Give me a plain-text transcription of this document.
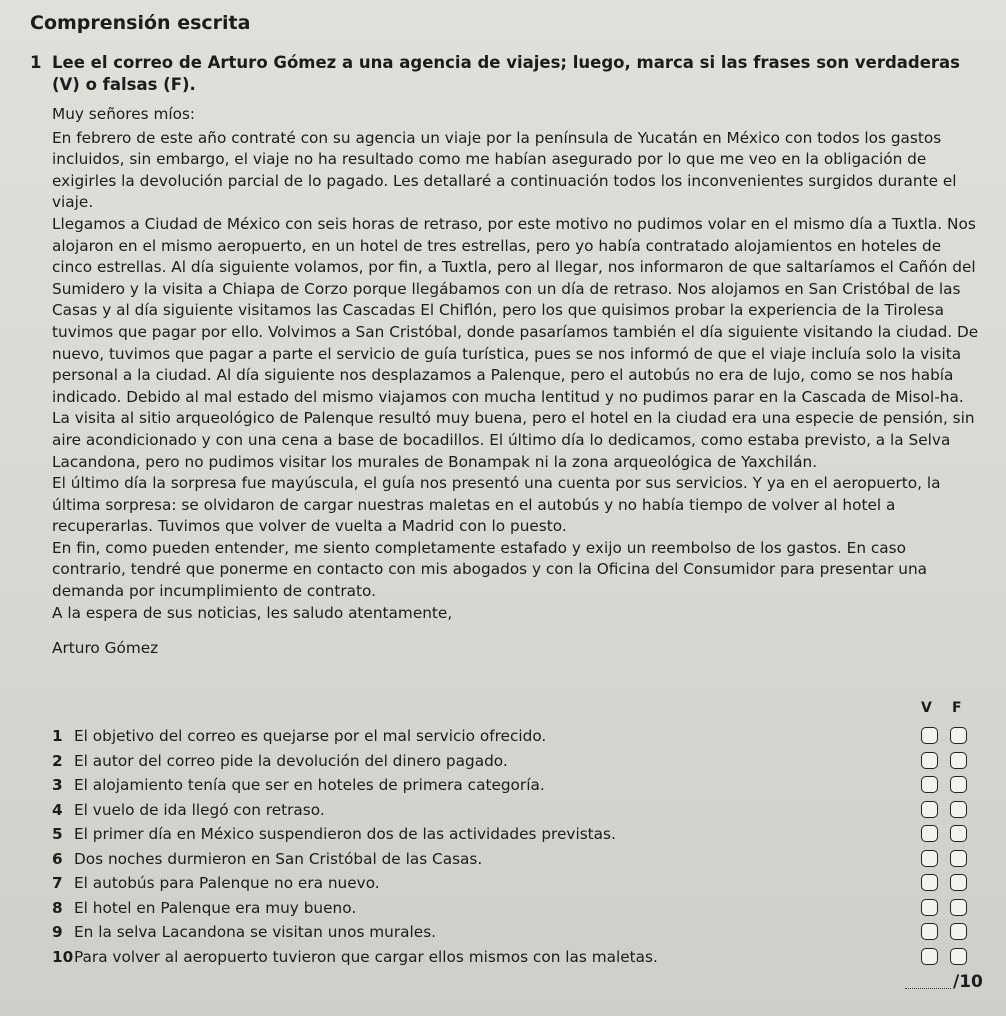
Comprensión escrita
1 Lee el correo de Arturo Gómez a una agencia de viajes; luego, marca si las frases son verdaderas (V) o falsas (F).

Muy señores míos:

En febrero de este año contraté con su agencia un viaje por la península de Yucatán en México con todos los gastos incluidos, sin embargo, el viaje no ha resultado como me habían asegurado por lo que me veo en la obligación de exigirles la devolución parcial de lo pagado. Les detallaré a continuación todos los inconvenientes surgidos durante el viaje.

Llegamos a Ciudad de México con seis horas de retraso, por este motivo no pudimos volar en el mismo día a Tuxtla. Nos alojaron en el mismo aeropuerto, en un hotel de tres estrellas, pero yo había contratado alojamientos en hoteles de cinco estrellas. Al día siguiente volamos, por fin, a Tuxtla, pero al llegar, nos informaron de que saltaríamos el Cañón del Sumidero y la visita a Chiapa de Corzo porque llegábamos con un día de retraso. Nos alojamos en San Cristóbal de las Casas y al día siguiente visitamos las Cascadas El Chiflón, pero los que quisimos probar la experiencia de la Tirolesa tuvimos que pagar por ello. Volvimos a San Cristóbal, donde pasaríamos también el día siguiente visitando la ciudad. De nuevo, tuvimos que pagar a parte el servicio de guía turística, pues se nos informó de que el viaje incluía solo la visita personal a la ciudad. Al día siguiente nos desplazamos a Palenque, pero el autobús no era de lujo, como se nos había indicado. Debido al mal estado del mismo viajamos con mucha lentitud y no pudimos parar en la Cascada de Misol-ha. La visita al sitio arqueológico de Palenque resultó muy buena, pero el hotel en la ciudad era una especie de pensión, sin aire acondicionado y con una cena a base de bocadillos. El último día lo dedicamos, como estaba previsto, a la Selva Lacandona, pero no pudimos visitar los murales de Bonampak ni la zona arqueológica de Yaxchilán.

El último día la sorpresa fue mayúscula, el guía nos presentó una cuenta por sus servicios. Y ya en el aeropuerto, la última sorpresa: se olvidaron de cargar nuestras maletas en el autobús y no había tiempo de volver al hotel a recuperarlas. Tuvimos que volver de vuelta a Madrid con lo puesto.

En fin, como pueden entender, me siento completamente estafado y exijo un reembolso de los gastos. En caso contrario, tendré que ponerme en contacto con mis abogados y con la Oficina del Consumidor para presentar una demanda por incumplimiento de contrato.

A la espera de sus noticias, les saludo atentamente,

Arturo Gómez

V F
1 El objetivo del correo es quejarse por el mal servicio ofrecido.
2 El autor del correo pide la devolución del dinero pagado.
3 El alojamiento tenía que ser en hoteles de primera categoría.
4 El vuelo de ida llegó con retraso.
5 El primer día en México suspendieron dos de las actividades previstas.
6 Dos noches durmieron en San Cristóbal de las Casas.
7 El autobús para Palenque no era nuevo.
8 El hotel en Palenque era muy bueno.
9 En la selva Lacandona se visitan unos murales.
10Para volver al aeropuerto tuvieron que cargar ellos mismos con las maletas.
/10
